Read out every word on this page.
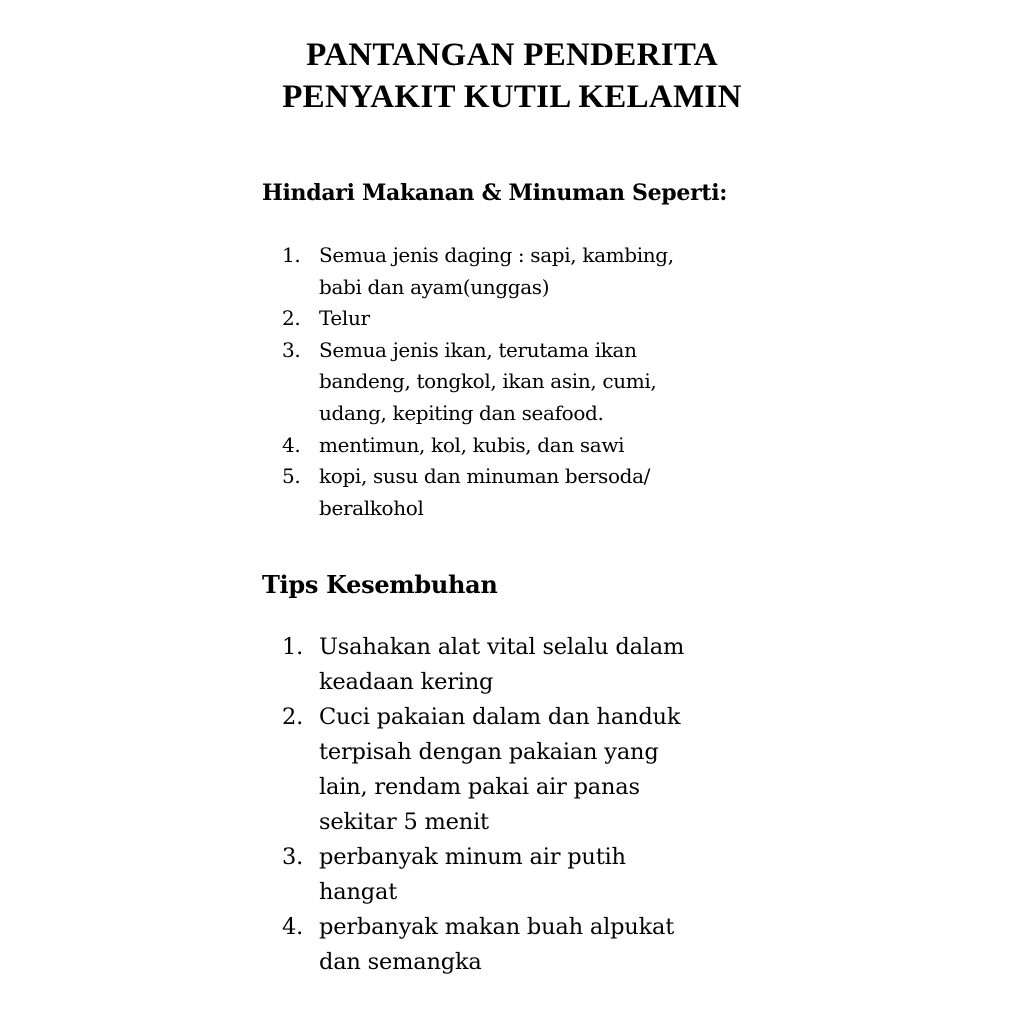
PANTANGAN PENDERITA
PENYAKIT KUTIL KELAMIN
Hindari Makanan & Minuman Seperti:
1. Semua jenis daging : sapi, kambing,
babi dan ayam(unggas)
2. Telur
3. Semua jenis ikan, terutama ikan
bandeng, tongkol, ikan asin, cumi,
udang, kepiting dan seafood.
4. mentimun, kol, kubis, dan sawi
5. kopi, susu dan minuman bersoda/
beralkohol
Tips Kesembuhan
1. Usahakan alat vital selalu dalam
keadaan kering
2. Cuci pakaian dalam dan handuk
terpisah dengan pakaian yang
lain, rendam pakai air panas
sekitar 5 menit
3. perbanyak minum air putih
hangat
4. perbanyak makan buah alpukat
dan semangka
